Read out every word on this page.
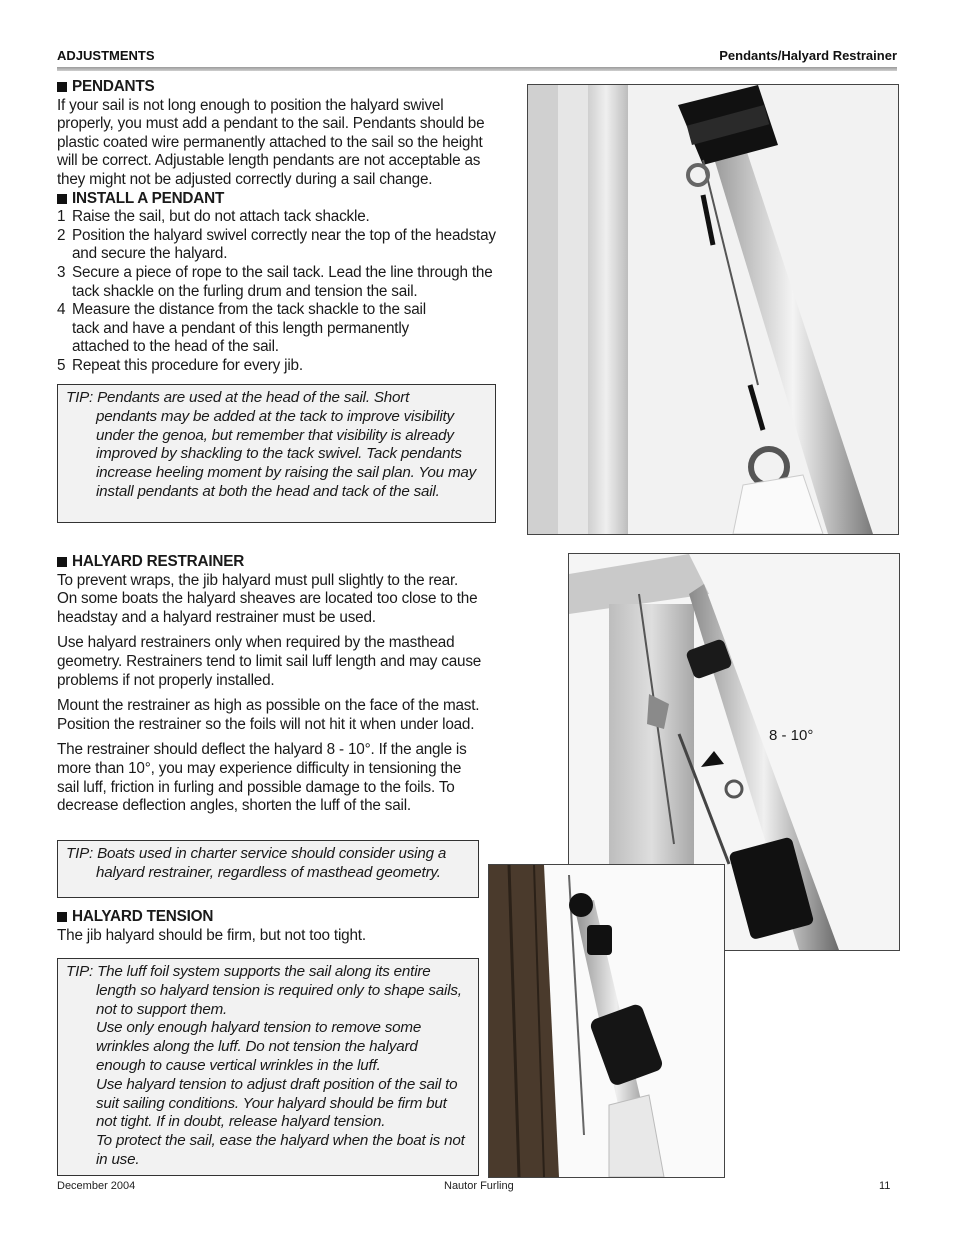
ADJUSTMENTS	Pendants/Halyard Restrainer
PENDANTS

If your sail is not long enough to position the halyard swivel properly, you must add a pendant to the sail. Pendants should be plastic coated wire permanently attached to the sail so the height will be correct. Adjustable length pendants are not acceptable as they might not be adjusted correctly during a sail change.

INSTALL A PENDANT
1 Raise the sail, but do not attach tack shackle.
2 Position the halyard swivel correctly near the top of the headstay and secure the halyard.
3 Secure a piece of rope to the sail tack. Lead the line through the tack shackle on the furling drum and tension the sail.
4 Measure the distance from the tack shackle to the sail tack and have a pendant of this length permanently attached to the head of the sail.
5 Repeat this procedure for every jib.
TIP: Pendants are used at the head of the sail. Short
pendants may be added at the tack to improve visibility under the genoa, but remember that visibility is already improved by shackling to the tack swivel. Tack pendants increase heeling moment by raising the sail plan. You may install pendants at both the head and tack of the sail.
HALYARD RESTRAINER

To prevent wraps, the jib halyard must pull slightly to the rear. On some boats the halyard sheaves are located too close to the headstay and a halyard restrainer must be used.

Use halyard restrainers only when required by the masthead geometry. Restrainers tend to limit sail luff length and may cause problems if not properly installed.

Mount the restrainer as high as possible on the face of the mast. Position the restrainer so the foils will not hit it when under load.

The restrainer should deflect the halyard 8 - 10°. If the angle is more than 10°, you may experience difficulty in tensioning the sail luff, friction in furling and possible damage to the foils. To decrease deflection angles, shorten the luff of the sail.

TIP: Boats used in charter service should consider using a
halyard restrainer, regardless of masthead geometry.
HALYARD TENSION

The jib halyard should be firm, but not too tight.

TIP: The luff foil system supports the sail along its entire
length so halyard tension is required only to shape sails, not to support them.
Use only enough halyard tension to remove some wrinkles along the luff. Do not tension the halyard enough to cause vertical wrinkles in the luff.
Use halyard tension to adjust draft position of the sail to suit sailing conditions. Your halyard should be firm but not tight. If in doubt, release halyard tension.
To protect the sail, ease the halyard when the boat is not in use.
8 - 10°
December 2004	Nautor Furling	11
